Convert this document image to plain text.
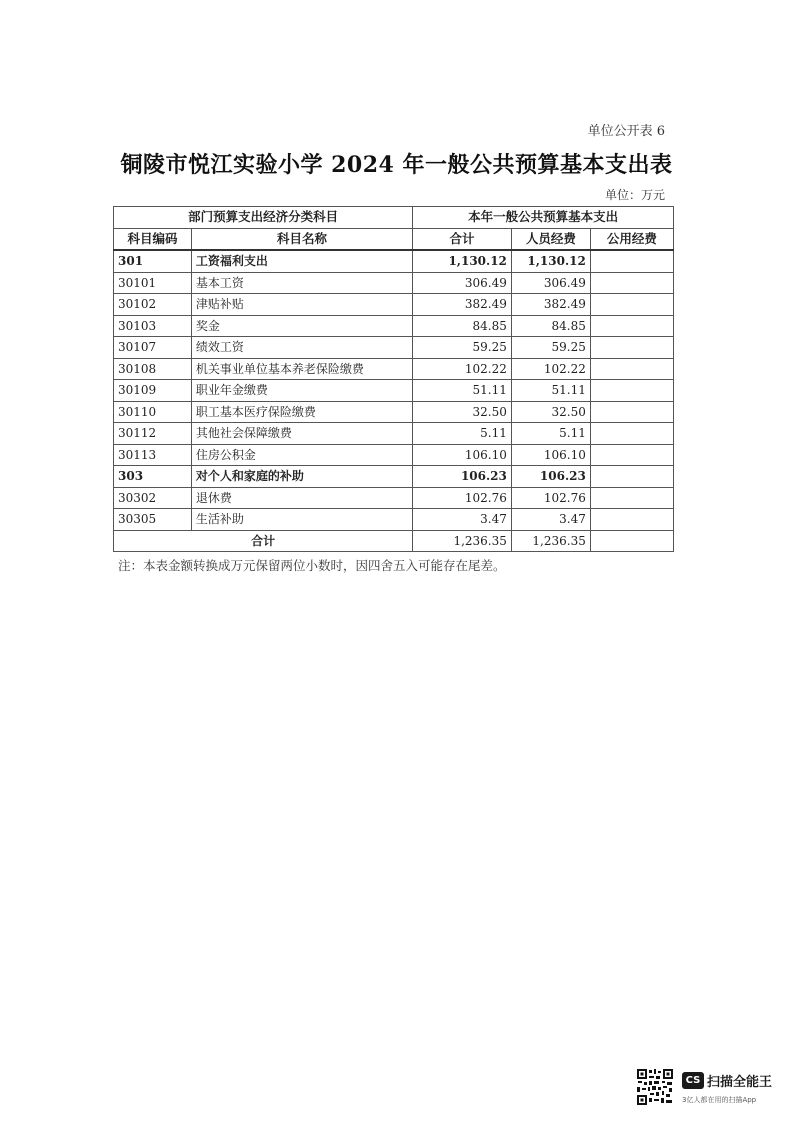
单位公开表 6
铜陵市悦江实验小学 2024 年一般公共预算基本支出表
单位：万元
部门预算支出经济分类科目		本年一般公共预算基本支出		
科目编码	科目名称	合计	人员经费	公用经费
301	工资福利支出	1,130.12	1,130.12	
30101	基本工资	306.49	306.49	
30102	津贴补贴	382.49	382.49	
30103	奖金	84.85	84.85	
30107	绩效工资	59.25	59.25	
30108	机关事业单位基本养老保险缴费	102.22	102.22	
30109	职业年金缴费	51.11	51.11	
30110	职工基本医疗保险缴费	32.50	32.50	
30112	其他社会保障缴费	5.11	5.11	
30113	住房公积金	106.10	106.10	
303	对个人和家庭的补助	106.23	106.23	
30302	退休费	102.76	102.76	
30305	生活补助	3.47	3.47	
合计		1,236.35	1,236.35	
注：本表金额转换成万元保留两位小数时，因四舍五入可能存在尾差。
CS 扫描全能王
3亿人都在用的扫描App
